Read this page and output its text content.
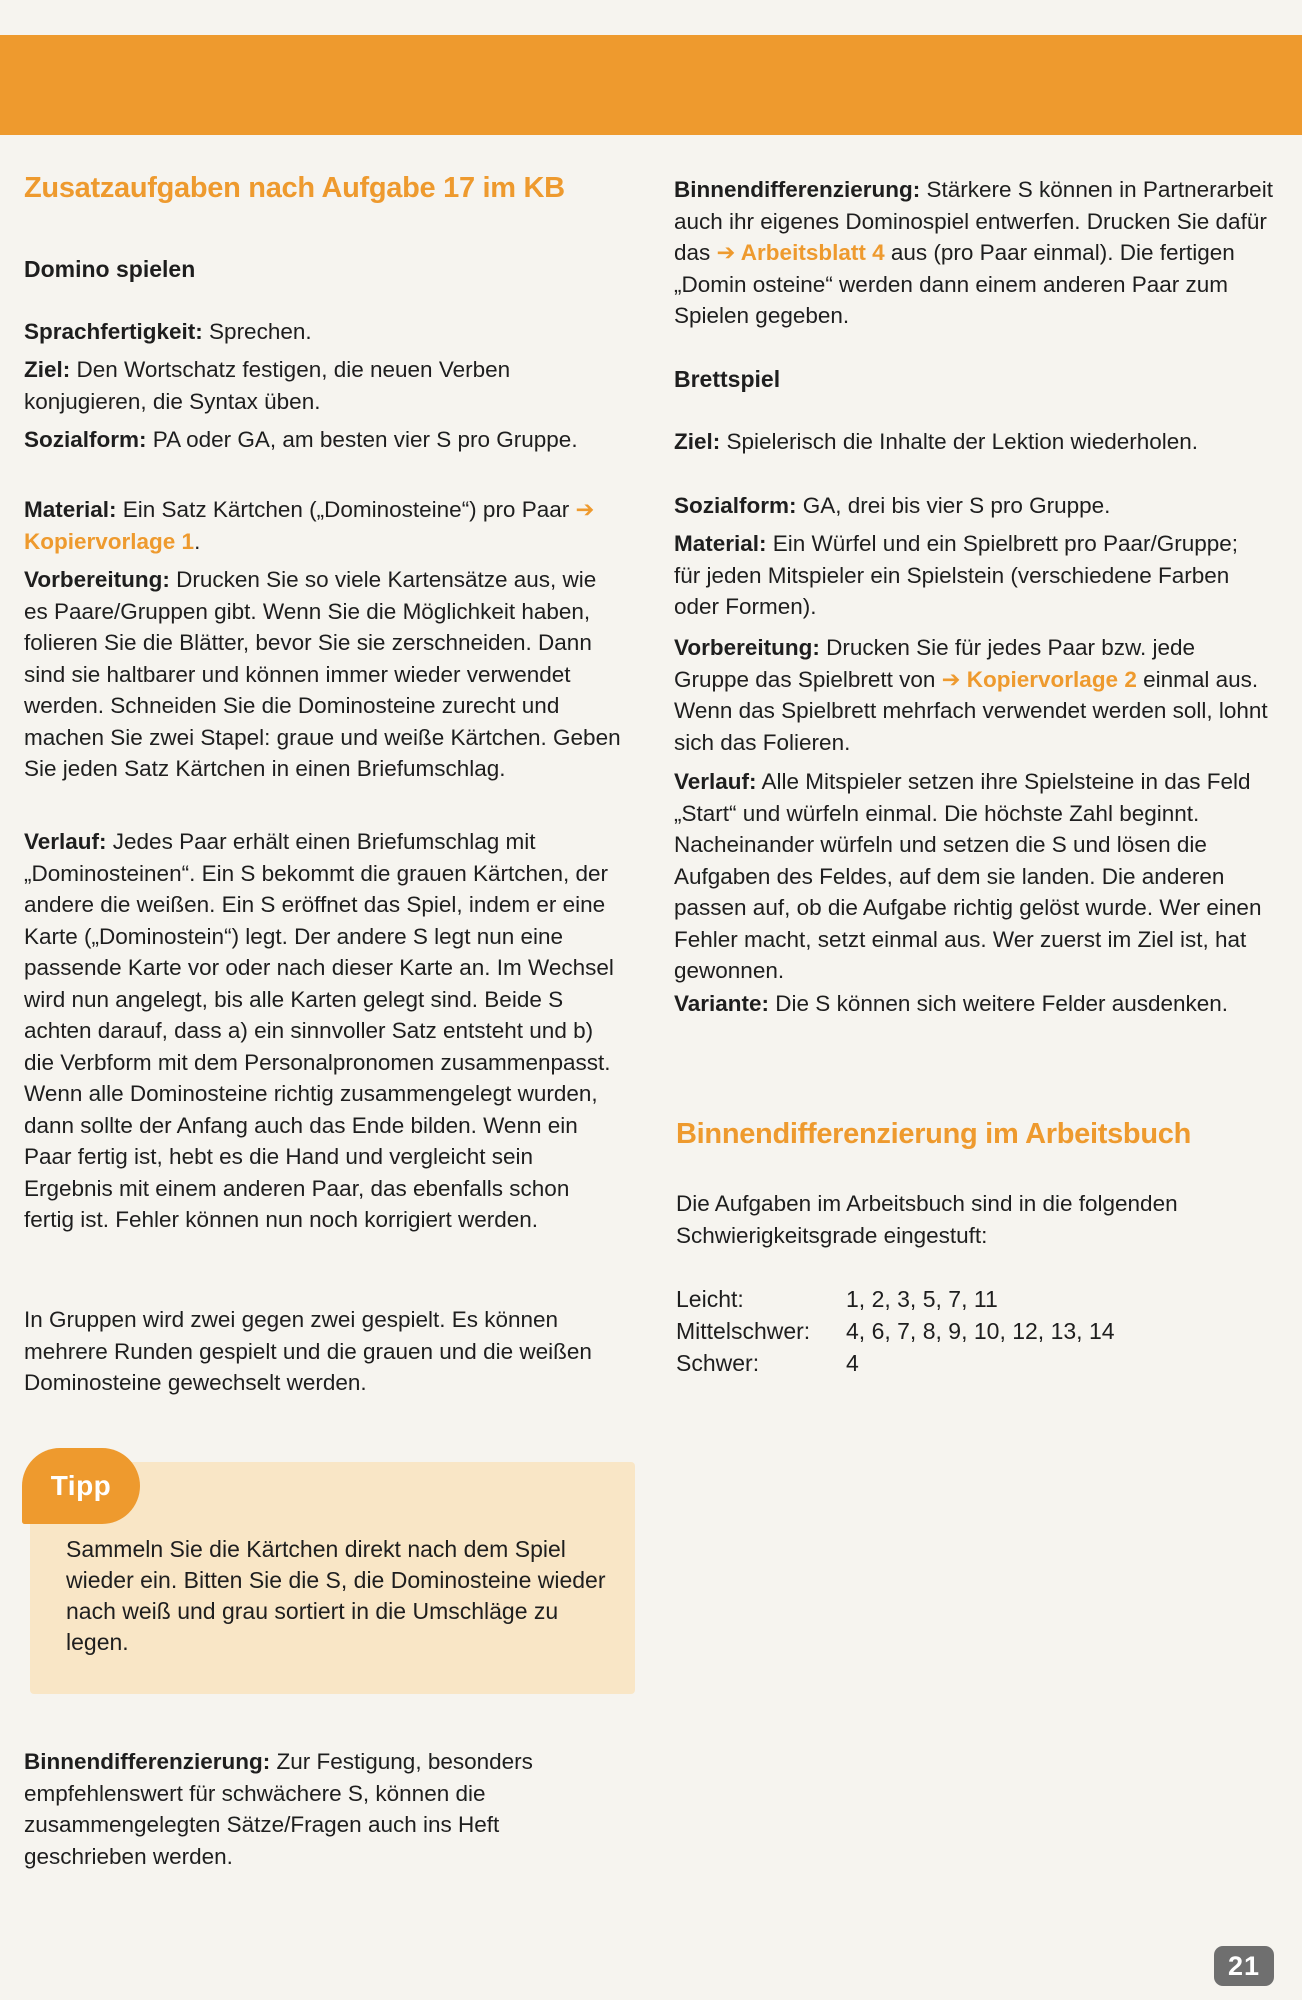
Zusatzaufgaben nach Aufgabe 17 im KB
Domino spielen

Sprachfertigkeit: Sprechen.

Ziel: Den Wortschatz festigen, die neuen Verben konjugieren, die Syntax üben.

Sozialform: PA oder GA, am besten vier S pro Gruppe.

Material: Ein Satz Kärtchen („Dominosteine“) pro Paar ➔ Kopiervorlage 1.

Vorbereitung: Drucken Sie so viele Kartensätze aus, wie es Paare/Gruppen gibt. Wenn Sie die Möglichkeit haben, folieren Sie die Blätter, bevor Sie sie zerschneiden. Dann sind sie haltbarer und können immer wieder verwendet werden. Schneiden Sie die Dominosteine zurecht und machen Sie zwei Stapel: graue und weiße Kärtchen. Geben Sie jeden Satz Kärtchen in einen Briefumschlag.

Verlauf: Jedes Paar erhält einen Briefumschlag mit „Dominosteinen“. Ein S bekommt die grauen Kärtchen, der andere die weißen. Ein S eröffnet das Spiel, indem er eine Karte („Dominostein“) legt. Der andere S legt nun eine passende Karte vor oder nach dieser Karte an. Im Wechsel wird nun angelegt, bis alle Karten gelegt sind. Beide S achten darauf, dass a) ein sinnvoller Satz entsteht und b) die Verbform mit dem Personalpronomen zusammenpasst. Wenn alle Dominosteine richtig zusammengelegt wurden, dann sollte der Anfang auch das Ende bilden. Wenn ein Paar fertig ist, hebt es die Hand und vergleicht sein Ergebnis mit einem anderen Paar, das ebenfalls schon fertig ist. Fehler können nun noch korrigiert werden.

In Gruppen wird zwei gegen zwei gespielt. Es können mehrere Runden gespielt und die grauen und die weißen Dominosteine gewechselt werden.

Tipp

Sammeln Sie die Kärtchen direkt nach dem Spiel wieder ein. Bitten Sie die S, die Dominosteine wieder nach weiß und grau sortiert in die Umschläge zu legen.

Binnendifferenzierung: Zur Festigung, besonders empfehlenswert für schwächere S, können die zusammengelegten Sätze/Fragen auch ins Heft geschrieben werden.

Binnendifferenzierung: Stärkere S können in Partnerarbeit auch ihr eigenes Dominospiel entwerfen. Drucken Sie dafür das ➔ Arbeitsblatt 4 aus (pro Paar einmal). Die fertigen „Domin osteine“ werden dann einem anderen Paar zum Spielen gegeben.

Brettspiel

Ziel: Spielerisch die Inhalte der Lektion wiederholen.

Sozialform: GA, drei bis vier S pro Gruppe.

Material: Ein Würfel und ein Spielbrett pro Paar/Gruppe; für jeden Mitspieler ein Spielstein (verschiedene Farben oder Formen).

Vorbereitung: Drucken Sie für jedes Paar bzw. jede Gruppe das Spielbrett von ➔ Kopiervorlage 2 einmal aus. Wenn das Spielbrett mehrfach verwendet werden soll, lohnt sich das Folieren.

Verlauf: Alle Mitspieler setzen ihre Spielsteine in das Feld „Start“ und würfeln einmal. Die höchste Zahl beginnt. Nacheinander würfeln und setzen die S und lösen die Aufgaben des Feldes, auf dem sie landen. Die anderen passen auf, ob die Aufgabe richtig gelöst wurde. Wer einen Fehler macht, setzt einmal aus. Wer zuerst im Ziel ist, hat gewonnen.

Variante: Die S können sich weitere Felder ausdenken.

Binnendifferenzierung im Arbeitsbuch

Die Aufgaben im Arbeitsbuch sind in die folgenden Schwierigkeitsgrade eingestuft:

Leicht:	1, 2, 3, 5, 7, 11
Mittelschwer:	4, 6, 7, 8, 9, 10, 12, 13, 14
Schwer:	4
21
